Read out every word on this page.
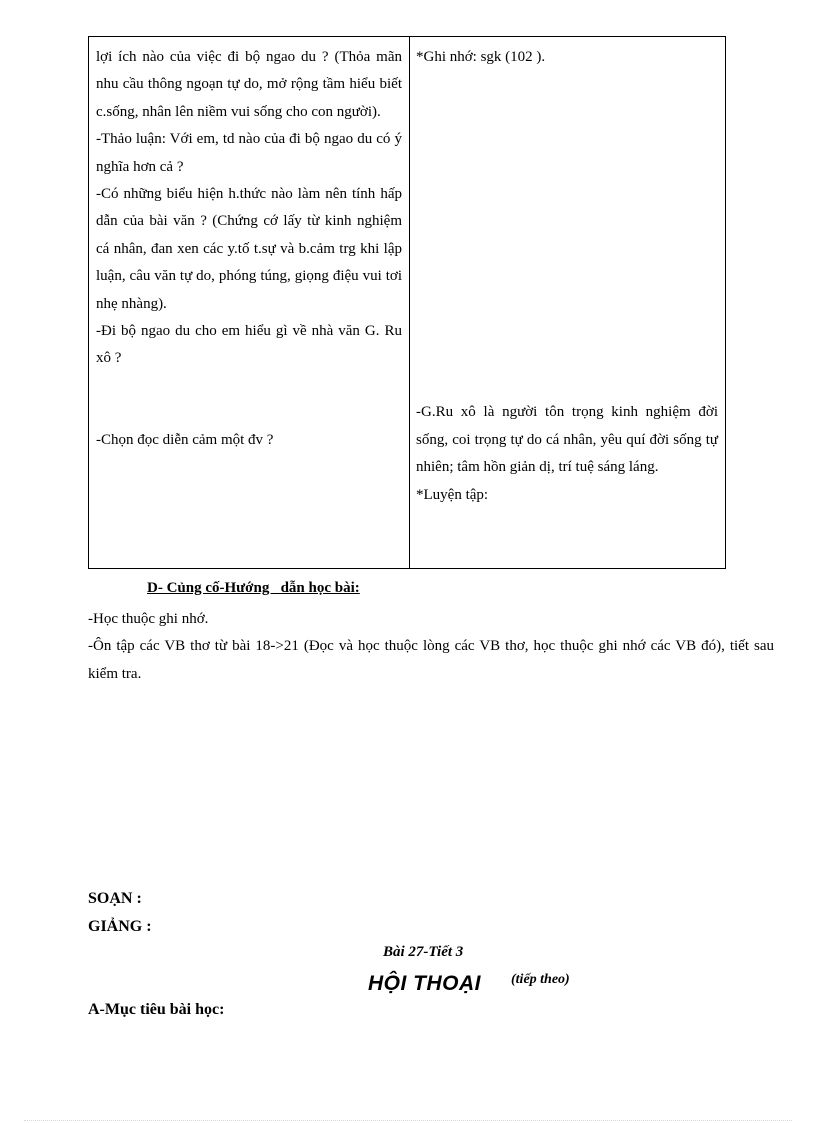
lợi ích nào của việc đi bộ ngao du ? (Thỏa mãn nhu cầu thông ngoạn tự do, mở rộng tầm hiểu biết c.sống, nhân lên niềm vui sống cho con người).

-Thảo luận: Với em, td nào của đi bộ ngao du có ý nghĩa hơn cả ?

-Có những biểu hiện h.thức nào làm nên tính hấp dẫn của bài văn ? (Chứng cớ lấy từ kinh nghiệm cá nhân, đan xen các y.tố t.sự và b.cảm trg khi lập luận, câu văn tự do, phóng túng, giọng điệu vui tơi nhẹ nhàng).

-Đi bộ ngao du cho em hiểu gì về nhà văn G. Ru xô ?

-Chọn đọc diễn cảm một đv ?

*Ghi nhớ: sgk (102 ).

-G.Ru xô là người tôn trọng kinh nghiệm đời sống, coi trọng tự do cá nhân, yêu quí đời sống tự nhiên; tâm hồn giản dị, trí tuệ sáng láng.

*Luyện tập:

D- Củng cố-Hướng   dẫn học bài:

-Học thuộc ghi nhớ.

-Ôn tập các VB thơ từ bài 18->21 (Đọc và học thuộc lòng các VB thơ, học thuộc ghi nhớ các VB đó), tiết sau kiểm tra.

SOẠN :
GIẢNG :
Bài 27-Tiết 3
HỘI THOẠI (tiếp theo)
A-Mục tiêu bài học:
